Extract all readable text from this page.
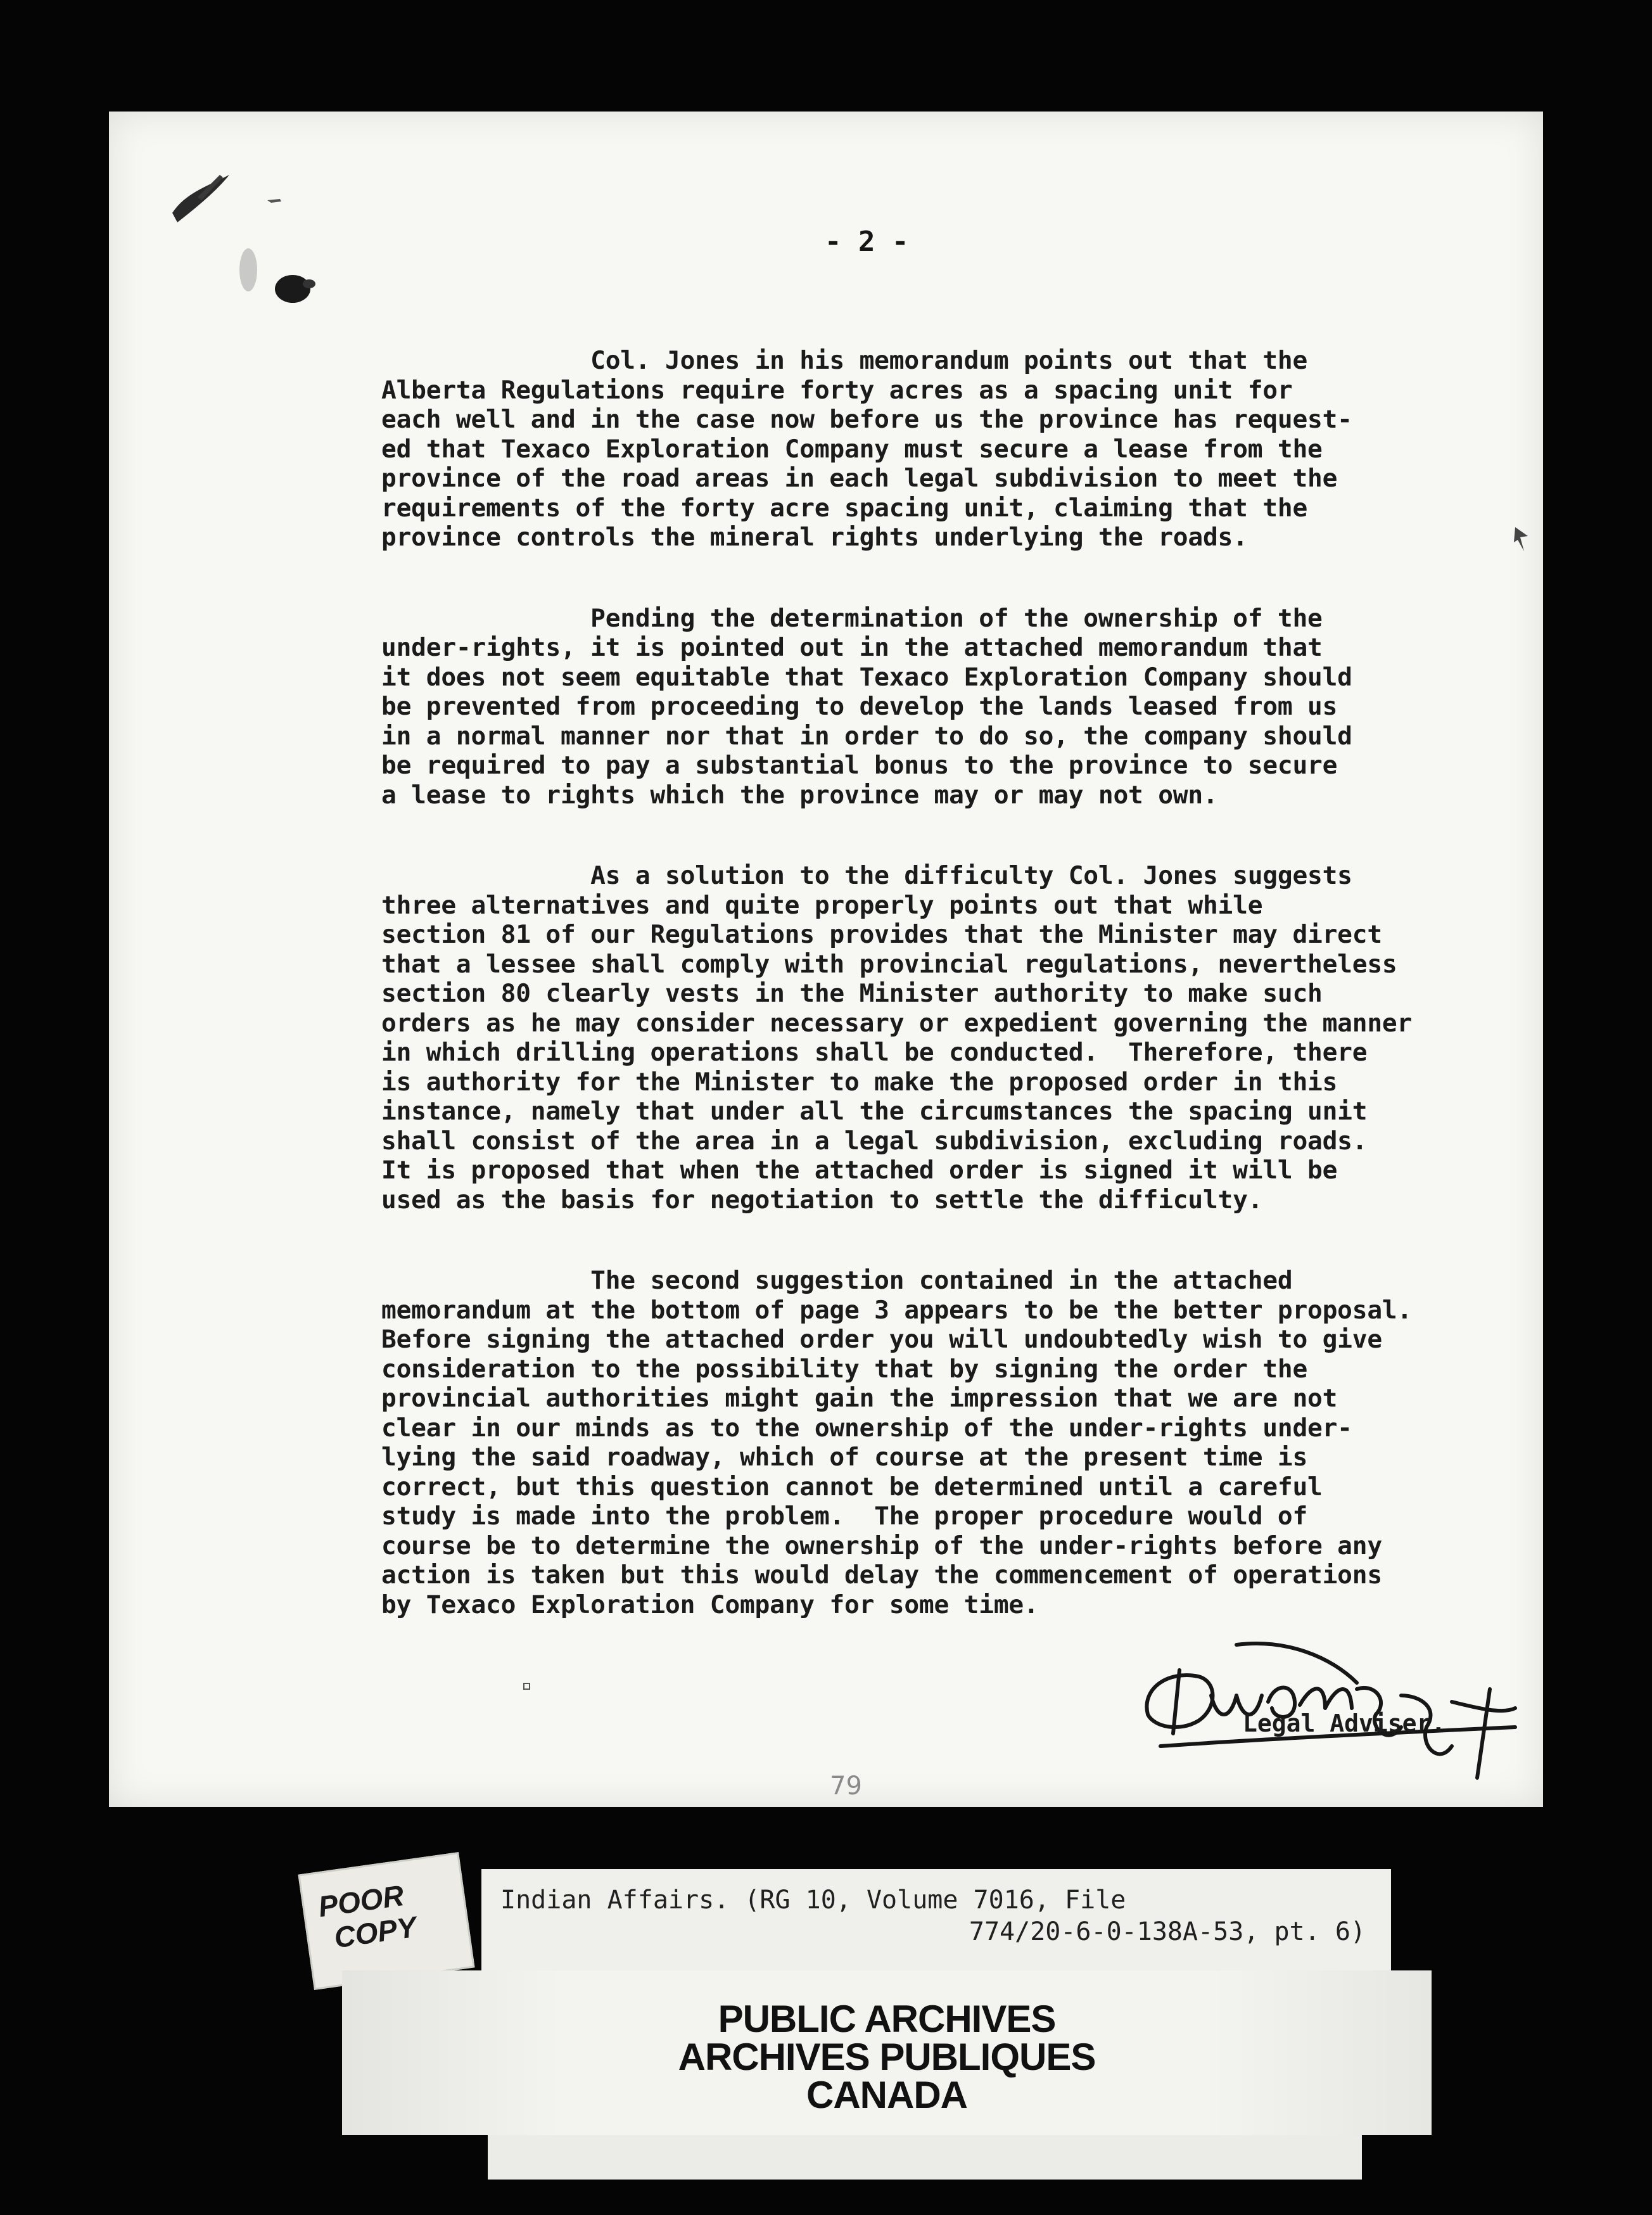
- 2 -

Col. Jones in his memorandum points out that the
Alberta Regulations require forty acres as a spacing unit for
each well and in the case now before us the province has request-
ed that Texaco Exploration Company must secure a lease from the
province of the road areas in each legal subdivision to meet the
requirements of the forty acre spacing unit, claiming that the
province controls the mineral rights underlying the roads.

Pending the determination of the ownership of the
under-rights, it is pointed out in the attached memorandum that
it does not seem equitable that Texaco Exploration Company should
be prevented from proceeding to develop the lands leased from us
in a normal manner nor that in order to do so, the company should
be required to pay a substantial bonus to the province to secure
a lease to rights which the province may or may not own.

As a solution to the difficulty Col. Jones suggests
three alternatives and quite properly points out that while
section 81 of our Regulations provides that the Minister may direct
that a lessee shall comply with provincial regulations, nevertheless
section 80 clearly vests in the Minister authority to make such
orders as he may consider necessary or expedient governing the manner
in which drilling operations shall be conducted.  Therefore, there
is authority for the Minister to make the proposed order in this
instance, namely that under all the circumstances the spacing unit
shall consist of the area in a legal subdivision, excluding roads.
It is proposed that when the attached order is signed it will be
used as the basis for negotiation to settle the difficulty.

The second suggestion contained in the attached
memorandum at the bottom of page 3 appears to be the better proposal.
Before signing the attached order you will undoubtedly wish to give
consideration to the possibility that by signing the order the
provincial authorities might gain the impression that we are not
clear in our minds as to the ownership of the under-rights under-
lying the said roadway, which of course at the present time is
correct, but this question cannot be determined until a careful
study is made into the problem.  The proper procedure would of
course be to determine the ownership of the under-rights before any
action is taken but this would delay the commencement of operations
by Texaco Exploration Company for some time.

Legal Adviser.
79
POOR
COPY
Indian Affairs. (RG 10, Volume 7016, File
774/20-6-0-138A-53, pt. 6)
PUBLIC ARCHIVES
ARCHIVES PUBLIQUES
CANADA
